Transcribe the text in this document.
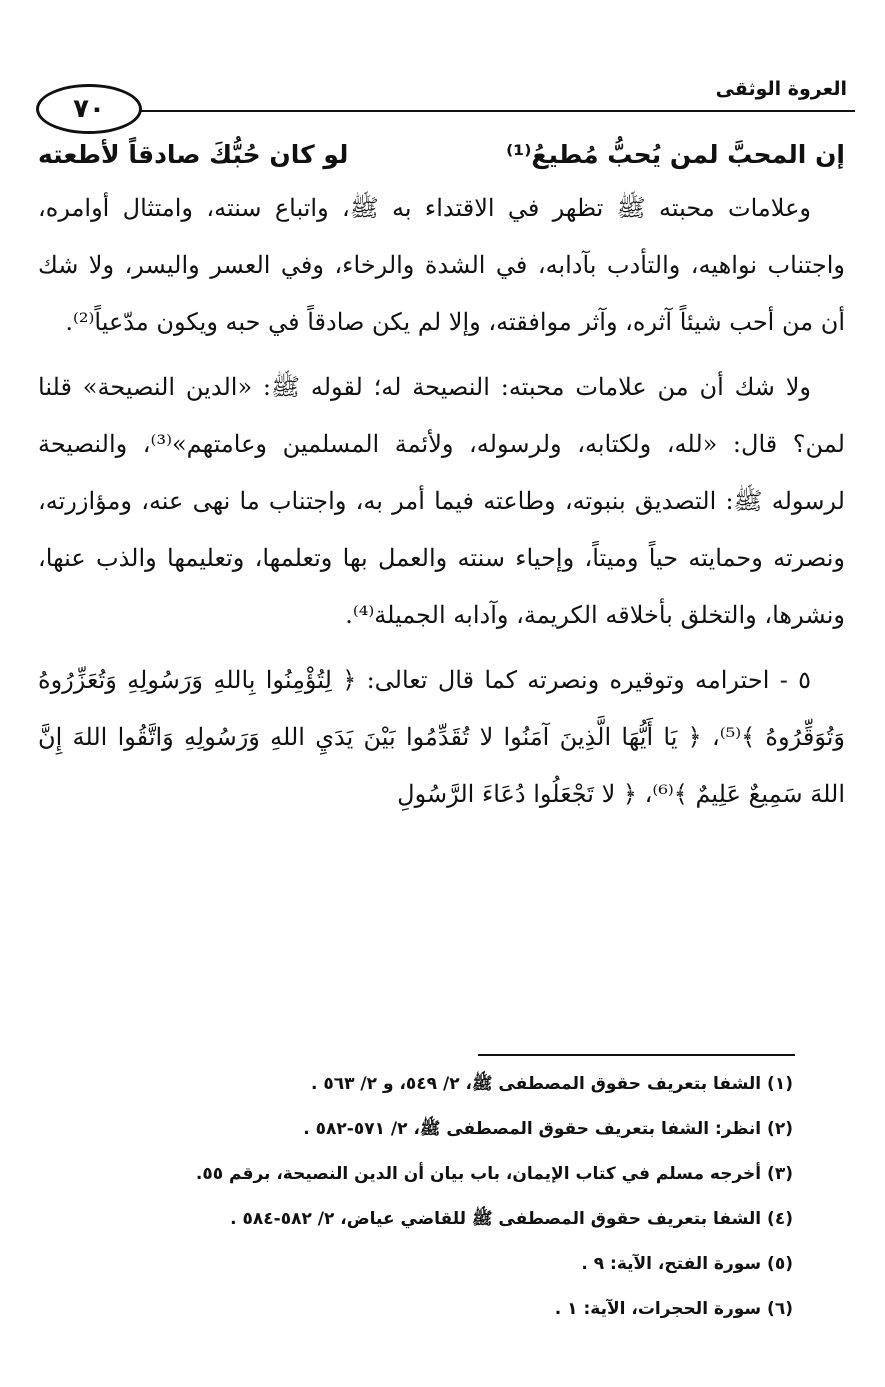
العروة الوثقى
٧٠
إن المحبَّ لمن يُحبُّ مُطيعُ⁽¹⁾
لو كان حُبُّكَ صادقاً لأطعته

وعلامات محبته ﷺ تظهر في الاقتداء به ﷺ، واتباع سنته، وامتثال أوامره، واجتناب نواهيه، والتأدب بآدابه، في الشدة والرخاء، وفي العسر واليسر، ولا شك أن من أحب شيئاً آثره، وآثر موافقته، وإلا لم يكن صادقاً في حبه ويكون مدّعياً⁽²⁾.

ولا شك أن من علامات محبته: النصيحة له؛ لقوله ﷺ: «الدين النصيحة» قلنا لمن؟ قال: «لله، ولكتابه، ولرسوله، ولأئمة المسلمين وعامتهم»⁽³⁾، والنصيحة لرسوله ﷺ: التصديق بنبوته، وطاعته فيما أمر به، واجتناب ما نهى عنه، ومؤازرته، ونصرته وحمايته حياً وميتاً، وإحياء سنته والعمل بها وتعلمها، وتعليمها والذب عنها، ونشرها، والتخلق بأخلاقه الكريمة، وآدابه الجميلة⁽⁴⁾.

٥ - احترامه وتوقيره ونصرته كما قال تعالى: ﴿ لِتُؤْمِنُوا بِاللهِ وَرَسُولِهِ وَتُعَزِّرُوهُ وَتُوَقِّرُوهُ ﴾⁽⁵⁾، ﴿ يَا أَيُّهَا الَّذِينَ آمَنُوا لا تُقَدِّمُوا بَيْنَ يَدَيِ اللهِ وَرَسُولِهِ وَاتَّقُوا اللهَ إِنَّ اللهَ سَمِيعٌ عَلِيمٌ ﴾⁽⁶⁾، ﴿ لا تَجْعَلُوا دُعَاءَ الرَّسُولِ

(١) الشفا بتعريف حقوق المصطفى ﷺ، ٢/ ٥٤٩، و ٢/ ٥٦٣ .
(٢) انظر: الشفا بتعريف حقوق المصطفى ﷺ، ٢/ ٥٧١-٥٨٢ .
(٣) أخرجه مسلم في كتاب الإيمان، باب بيان أن الدين النصيحة، برقم ٥٥.
(٤) الشفا بتعريف حقوق المصطفى ﷺ للقاضي عياض، ٢/ ٥٨٢-٥٨٤ .
(٥) سورة الفتح، الآية: ٩ .
(٦) سورة الحجرات، الآية: ١ .
